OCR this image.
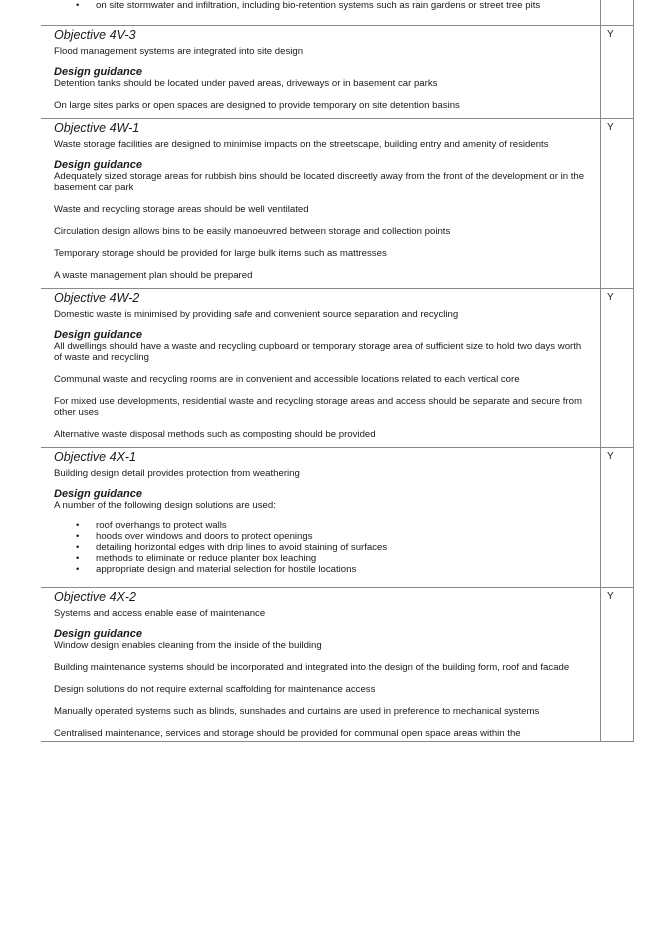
• on site stormwater and infiltration, including bio-retention systems such as rain gardens or street tree pits

Objective 4V-3

Flood management systems are integrated into site design

Design guidance

Detention tanks should be located under paved areas, driveways or in basement car parks

On large sites parks or open spaces are designed to provide temporary on site detention basins

Y

Objective 4W-1

Waste storage facilities are designed to minimise impacts on the streetscape, building entry and amenity of residents

Design guidance

Adequately sized storage areas for rubbish bins should be located discreetly away from the front of the development or in the basement car park

Waste and recycling storage areas should be well ventilated

Circulation design allows bins to be easily manoeuvred between storage and collection points

Temporary storage should be provided for large bulk items such as mattresses

A waste management plan should be prepared

Y

Objective 4W-2

Domestic waste is minimised by providing safe and convenient source separation and recycling

Design guidance

All dwellings should have a waste and recycling cupboard or temporary storage area of sufficient size to hold two days worth of waste and recycling

Communal waste and recycling rooms are in convenient and accessible locations related to each vertical core

For mixed use developments, residential waste and recycling storage areas and access should be separate and secure from other uses

Alternative waste disposal methods such as composting should be provided

Y

Objective 4X-1

Building design detail provides protection from weathering

Design guidance

A number of the following design solutions are used:

• roof overhangs to protect walls
• hoods over windows and doors to protect openings
• detailing horizontal edges with drip lines to avoid staining of surfaces
• methods to eliminate or reduce planter box leaching
• appropriate design and material selection for hostile locations
Y

Objective 4X-2

Systems and access enable ease of maintenance

Design guidance

Window design enables cleaning from the inside of the building

Building maintenance systems should be incorporated and integrated into the design of the building form, roof and facade

Design solutions do not require external scaffolding for maintenance access

Manually operated systems such as blinds, sunshades and curtains are used in preference to mechanical systems

Centralised maintenance, services and storage should be provided for communal open space areas within the

Y
